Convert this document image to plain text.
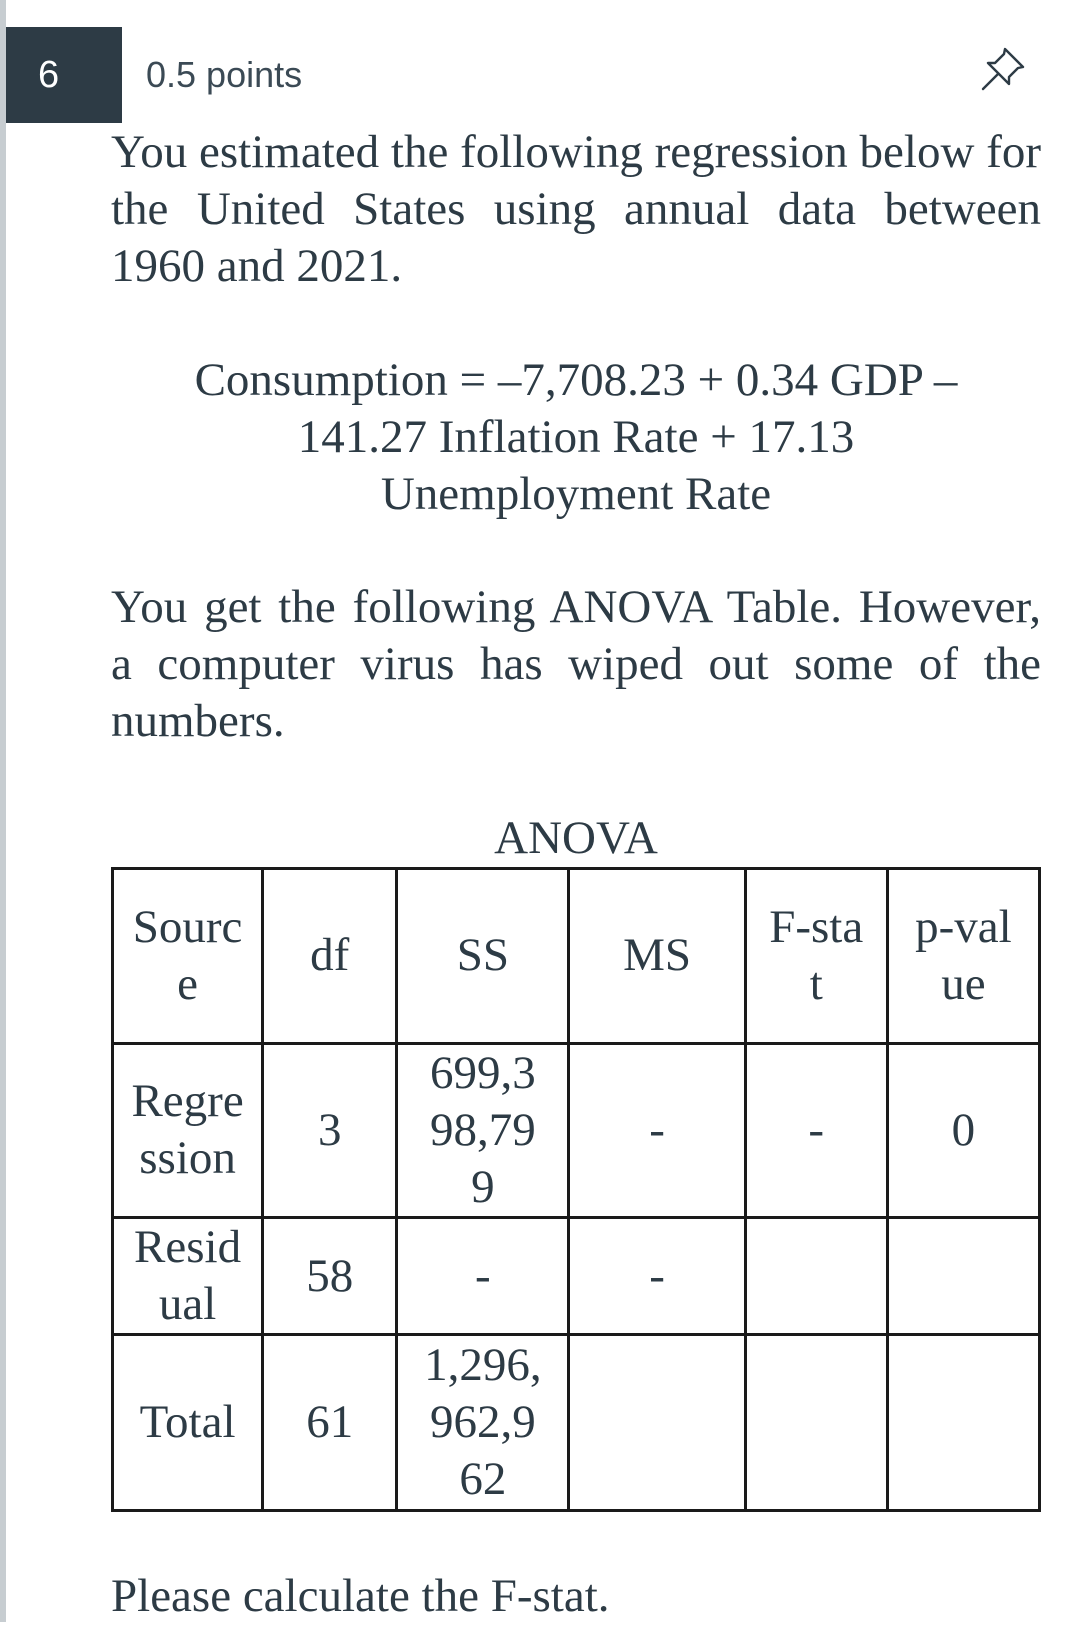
6 0.5 points
You estimated the following regression below for the United States using annual data between 1960 and 2021.
Consumption = –7,708.23 + 0.34 GDP –
141.27 Inflation Rate + 17.13
Unemployment Rate
You get the following ANOVA Table. However, a computer virus has wiped out some of the numbers.
ANOVA
Source	df	SS	MS	F-stat	p-value

Regression	3	699,398,799	-	-	0

Residual	58	-	-		

Total	61	1,296,962,962			

Please calculate the F-stat.
